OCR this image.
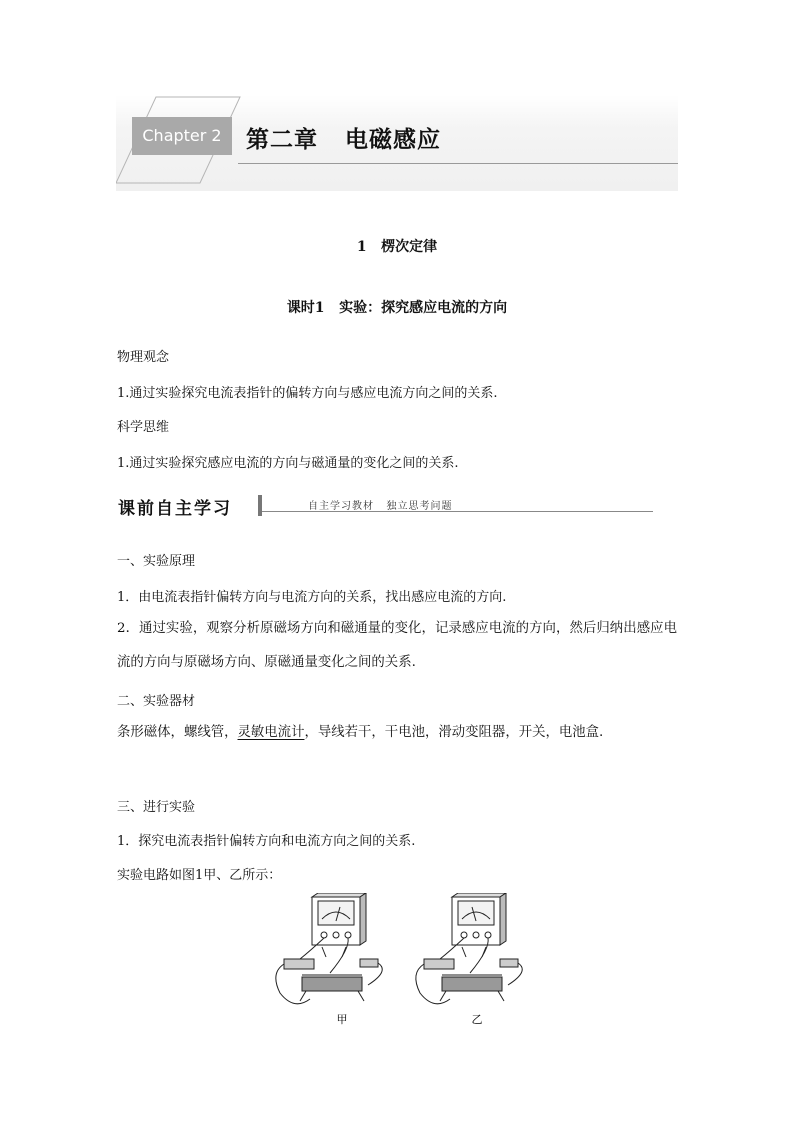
Chapter 2	第二章   电磁感应
1   楞次定律
课时1   实验：探究感应电流的方向
物理观念
1.通过实验探究电流表指针的偏转方向与感应电流方向之间的关系.
科学思维
1.通过实验探究感应电流的方向与磁通量的变化之间的关系.
课前自主学习	自主学习教材   独立思考问题
一、实验原理
1．由电流表指针偏转方向与电流方向的关系，找出感应电流的方向.
2．通过实验，观察分析原磁场方向和磁通量的变化，记录感应电流的方向，然后归纳出感应电流的方向与原磁场方向、原磁通量变化之间的关系.
二、实验器材
条形磁体，螺线管，灵敏电流计，导线若干，干电池，滑动变阻器，开关，电池盒.
三、进行实验
1．探究电流表指针偏转方向和电流方向之间的关系.
实验电路如图1甲、乙所示：
甲	乙
